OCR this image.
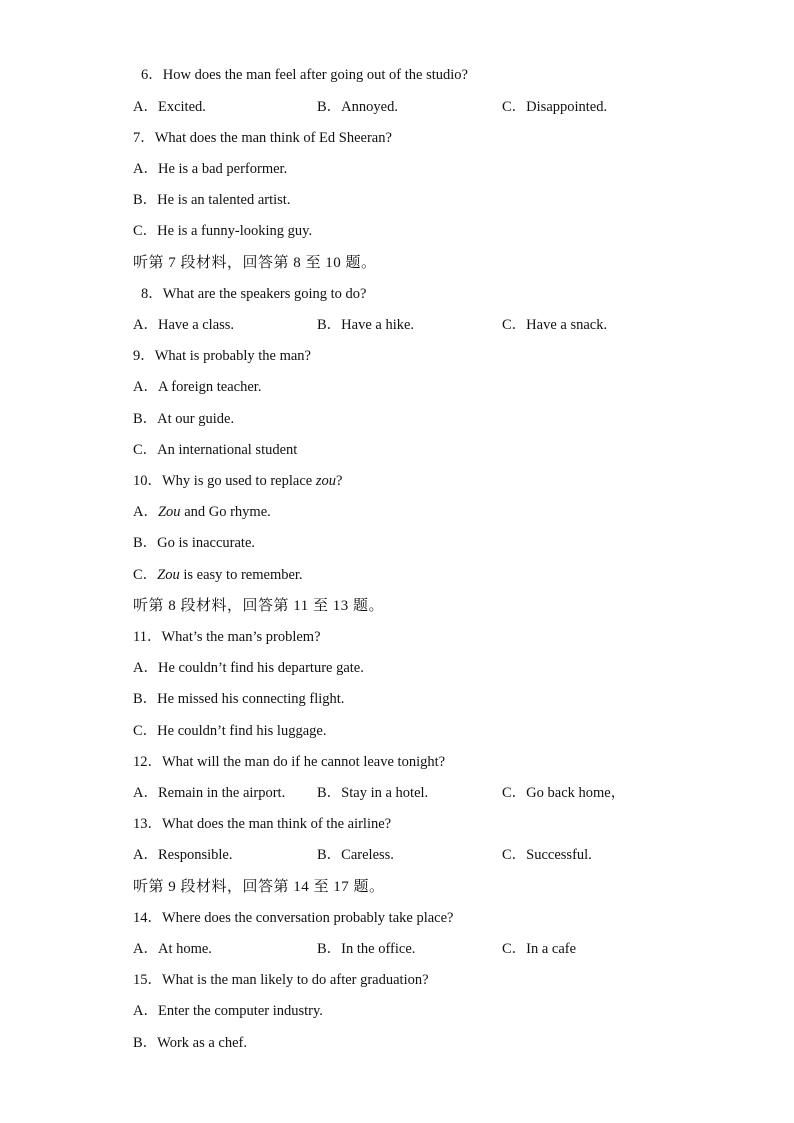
6．How does the man feel after going out of the studio?
A．Excited.	B．Annoyed.	C．Disappointed.
7．What does the man think of Ed Sheeran?
A．He is a bad performer.
B．He is an talented artist.
C．He is a funny-looking guy.
听第 7 段材料，回答第 8 至 10 题。
8．What are the speakers going to do?
A．Have a class.	B．Have a hike.	C．Have a snack.
9．What is probably the man?
A．A foreign teacher.
B．At our guide.
C．An international student
10．Why is go used to replace zou?
A．Zou and Go rhyme.
B．Go is inaccurate.
C．Zou is easy to remember.
听第 8 段材料，回答第 11 至 13 题。
11．What’s the man’s problem?
A．He couldn’t find his departure gate.
B．He missed his connecting flight.
C．He couldn’t find his luggage.
12．What will the man do if he cannot leave tonight?
A．Remain in the airport. B．Stay in a hotel.	C．Go back home，
13．What does the man think of the airline?
A．Responsible.	B．Careless.	C．Successful.
听第 9 段材料，回答第 14 至 17 题。
14．Where does the conversation probably take place?
A．At home.	B．In the office.	C．In a cafe
15．What is the man likely to do after graduation?
A．Enter the computer industry.
B．Work as a chef.
